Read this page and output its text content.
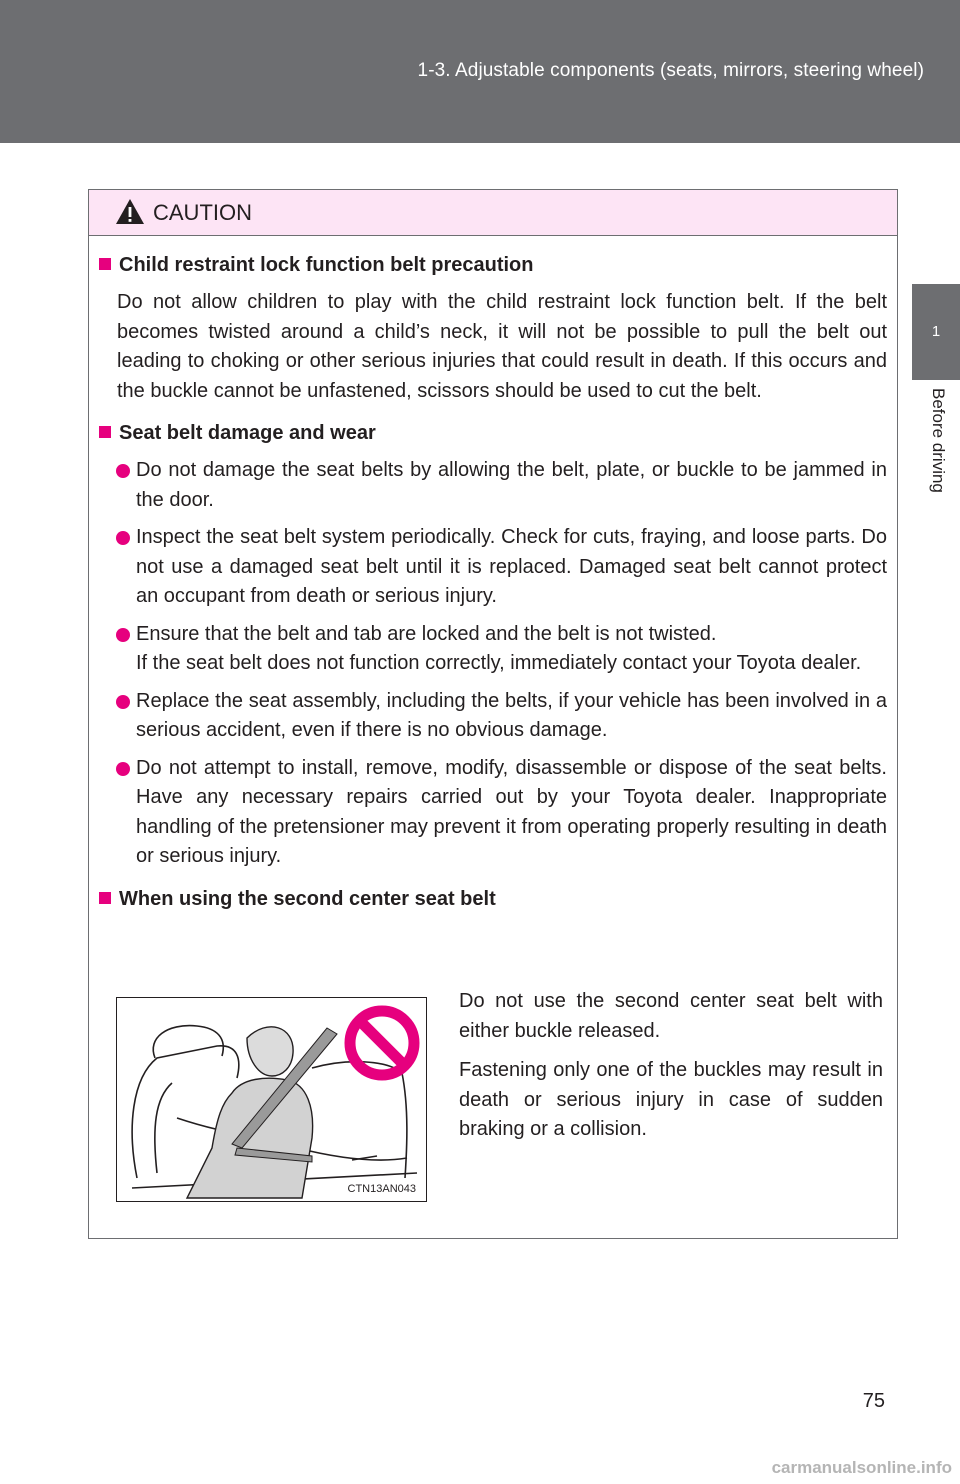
1-3. Adjustable components (seats, mirrors, steering wheel)
1
Before driving
CAUTION
Child restraint lock function belt precaution
Do not allow children to play with the child restraint lock function belt. If the belt becomes twisted around a child’s neck, it will not be possible to pull the belt out leading to choking or other serious injuries that could result in death. If this occurs and the buckle cannot be unfastened, scissors should be used to cut the belt.
Seat belt damage and wear
Do not damage the seat belts by allowing the belt, plate, or buckle to be jammed in the door.
Inspect the seat belt system periodically. Check for cuts, fraying, and loose parts. Do not use a damaged seat belt until it is replaced. Damaged seat belt cannot protect an occupant from death or serious injury.
Ensure that the belt and tab are locked and the belt is not twisted.
If the seat belt does not function correctly, immediately contact your Toyota dealer.
Replace the seat assembly, including the belts, if your vehicle has been involved in a serious accident, even if there is no obvious damage.
Do not attempt to install, remove, modify, disassemble or dispose of the seat belts. Have any necessary repairs carried out by your Toyota dealer. Inappropriate handling of the pretensioner may prevent it from operating properly resulting in death or serious injury.
When using the second center seat belt
CTN13AN043

Do not use the second center seat belt with either buckle released.

Fastening only one of the buckles may result in death or serious injury in case of sudden braking or a collision.

75
carmanualsonline.info
